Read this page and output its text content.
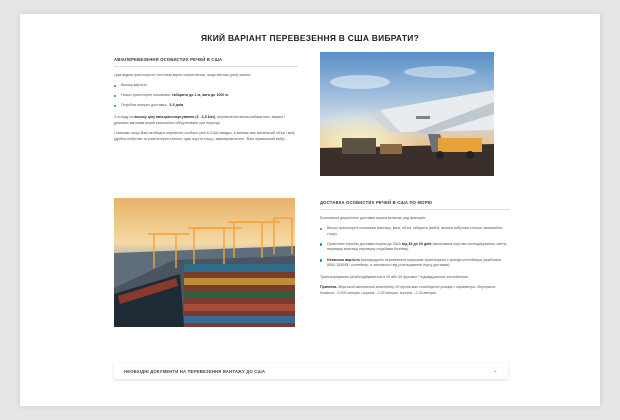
ЯКИЙ ВАРІАНТ ПЕРЕВЕЗЕННЯ В США ВИБРАТИ?
АВІАПЕРЕВЕЗЕННЯ ОСОБИСТИХ РЕЧЕЙ В США

Цим видом транспортної логістики варто скористатись, якщо вантаж (речі) мають:

Високу вартість
Низькі транспортні показники: габарити до 2 м, вага до 1000 кг
Потрібна експрес доставка - 3-5 днів

З огляду на високу ціну авіатранспортування (6 - 6,5 $/кг), перевезення великогабаритних, важких і дешевих вантажів вкрай економічно обґрунтоване при переїзді.

І навпаки: якщо Вам необхідно перевезти особисті речі в США швидко, а вантаж має маленький об'єм і вагу (дрібна побутова та комп'ютерна техніка, одяг, взуття тощо), авіаперевезення - Ваш правильний вибір.

ДОСТАВКА ОСОБИСТИХ РЕЧЕЙ В США ПО МОРЮ

Економічна доцільність доставки морем включає ряд факторів:

Високі транспортні показники вантажу: вага, об'єм, габарити (меблі, велика побутова техніка, автомобіль тощо).
Орієнтовні терміни доставки морем до США від 35 до 60 днів (включаючи портове експедирування, митну перевірку вантажу, перевірку службами безпеки).
Невисока вартість міжнародного перевезення морським транспортом з оренди контейнера (приблизно 8500-15500$ / контейнер, в залежності від розташування порту доставки)

Транспортування речей відбувається в 20 або 40 футових * індивідуальних контейнерах.

Примітка. Морський вантажний контейнер 20 футів має стандартні розміри і параметри. Внутрішні: довжина - 5,905 метрів, ширина - 2,35 метрів, висота - 2,39 метрів.

НЕОБХІДНІ ДОКУМЕНТИ НА ПЕРЕВЕЗЕННЯ ВАНТАЖУ ДО США	⌄
